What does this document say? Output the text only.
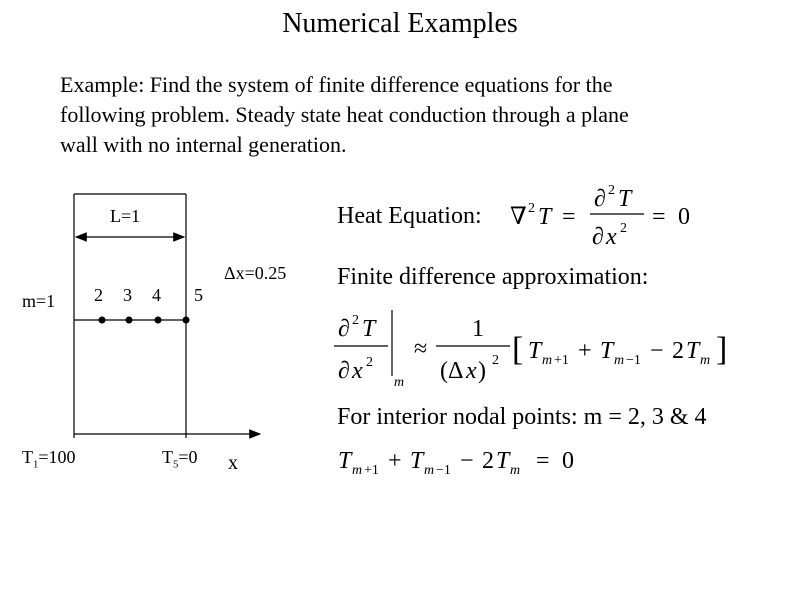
Numerical Examples
Example: Find the system of finite difference equations for the
following problem. Steady state heat conduction through a plane
wall with no internal generation.
L=1
Δx=0.25
m=1 2 3 4 5
$T_1=100$	$T_5=0$ x
Heat Equation: ∇ 2 T =
∂ 2 T
∂ x 2 = 0
Finite difference approximation:
∂ 2 T
∂ x 2
m
≈
1
(Δ x ) 2 [ T m +1 + T m −1 − 2 T m ]
For interior nodal points: m = 2, 3 & 4
T m +1 + T m −1 − 2 T m = 0
